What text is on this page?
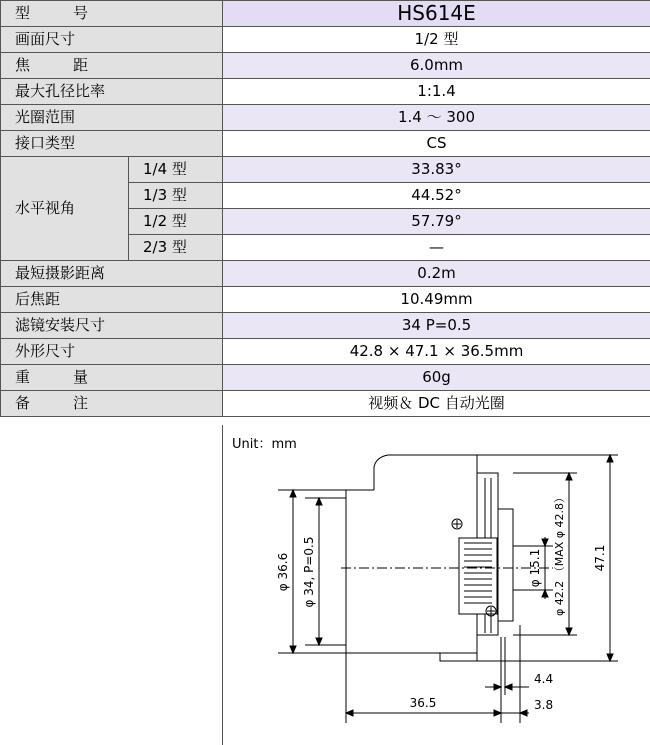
型　号		HS614E
画面尺寸		1/2 型
焦　距		6.0mm
最大孔径比率		1:1.4
光圈范围		1.4 ～ 300
接口类型		CS
水平视角	1/4 型	33.83°
	1/3 型	44.52°
	1/2 型	57.79°
	2/3 型	—
最短摄影距离		0.2m
后焦距		10.49mm
滤镜安装尺寸		34 P=0.5
外形尺寸		42.8 × 47.1 × 36.5mm
重　量		60g
备　注		视频＆ DC 自动光圈
φ 36.6 φ 34, P=0.5	φ 15.1 φ 42.2 （MAX φ 42.8） 47.1
4.4
36.5	3.8
Unit：mm
